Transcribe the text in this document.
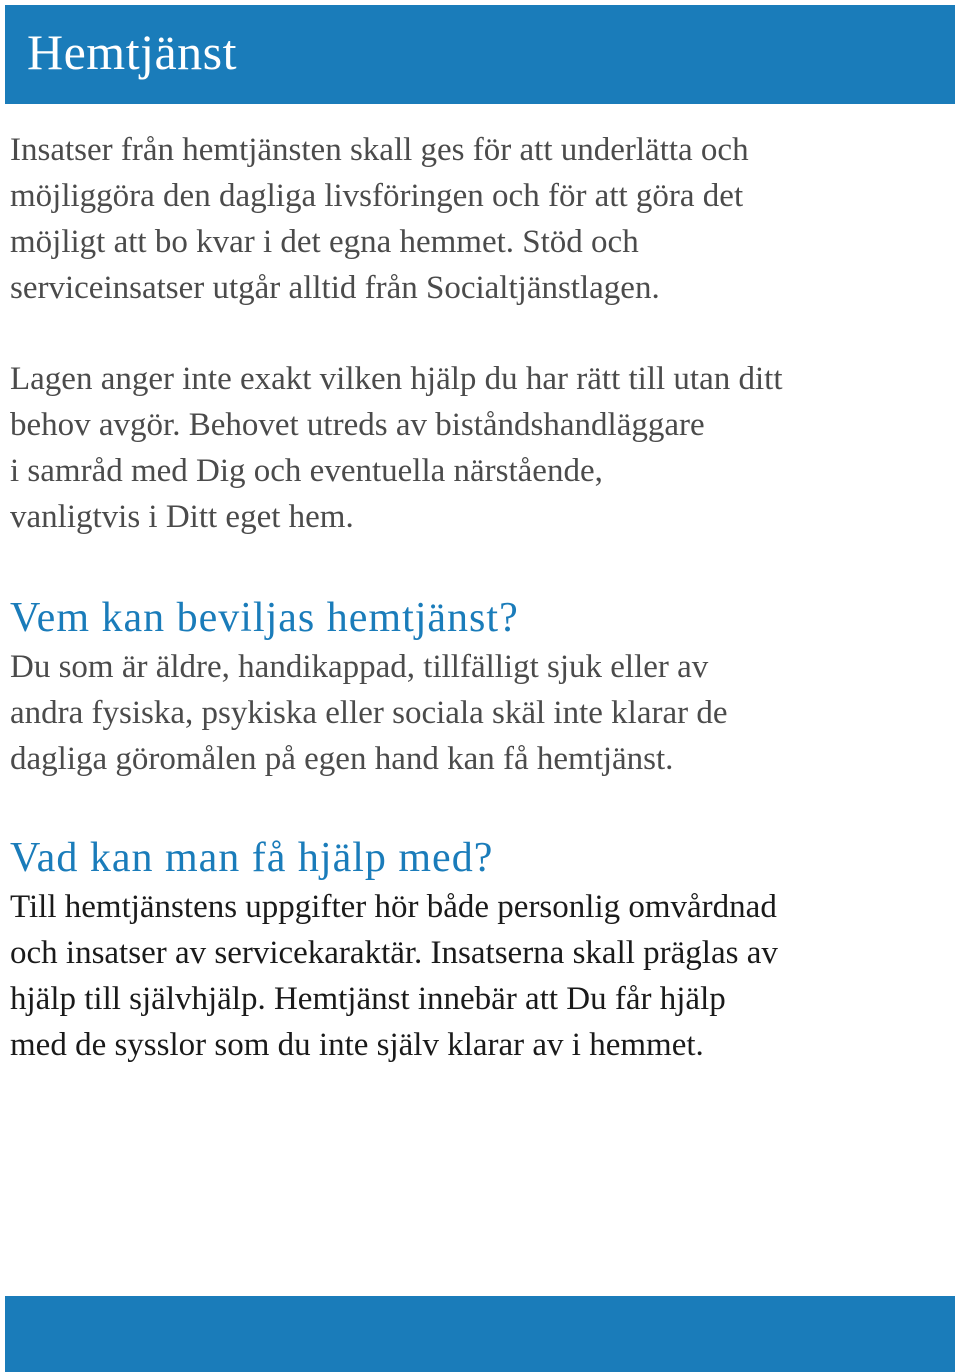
Hemtjänst

Insatser från hemtjänsten skall ges för att underlätta och
möjliggöra den dagliga livsföringen och för att göra det
möjligt att bo kvar i det egna hemmet. Stöd och
serviceinsatser utgår alltid från Socialtjänstlagen.

Lagen anger inte exakt vilken hjälp du har rätt till utan ditt
behov avgör. Behovet utreds av biståndshandläggare
i samråd med Dig och eventuella närstående,
vanligtvis i Ditt eget hem.

Vem kan beviljas hemtjänst?

Du som är äldre, handikappad, tillfälligt sjuk eller av
andra fysiska, psykiska eller sociala skäl inte klarar de
dagliga göromålen på egen hand kan få hemtjänst.

Vad kan man få hjälp med?

Till hemtjänstens uppgifter hör både personlig omvårdnad
och insatser av servicekaraktär. Insatserna skall präglas av
hjälp till självhjälp. Hemtjänst innebär att Du får hjälp
med de sysslor som du inte själv klarar av i hemmet.
